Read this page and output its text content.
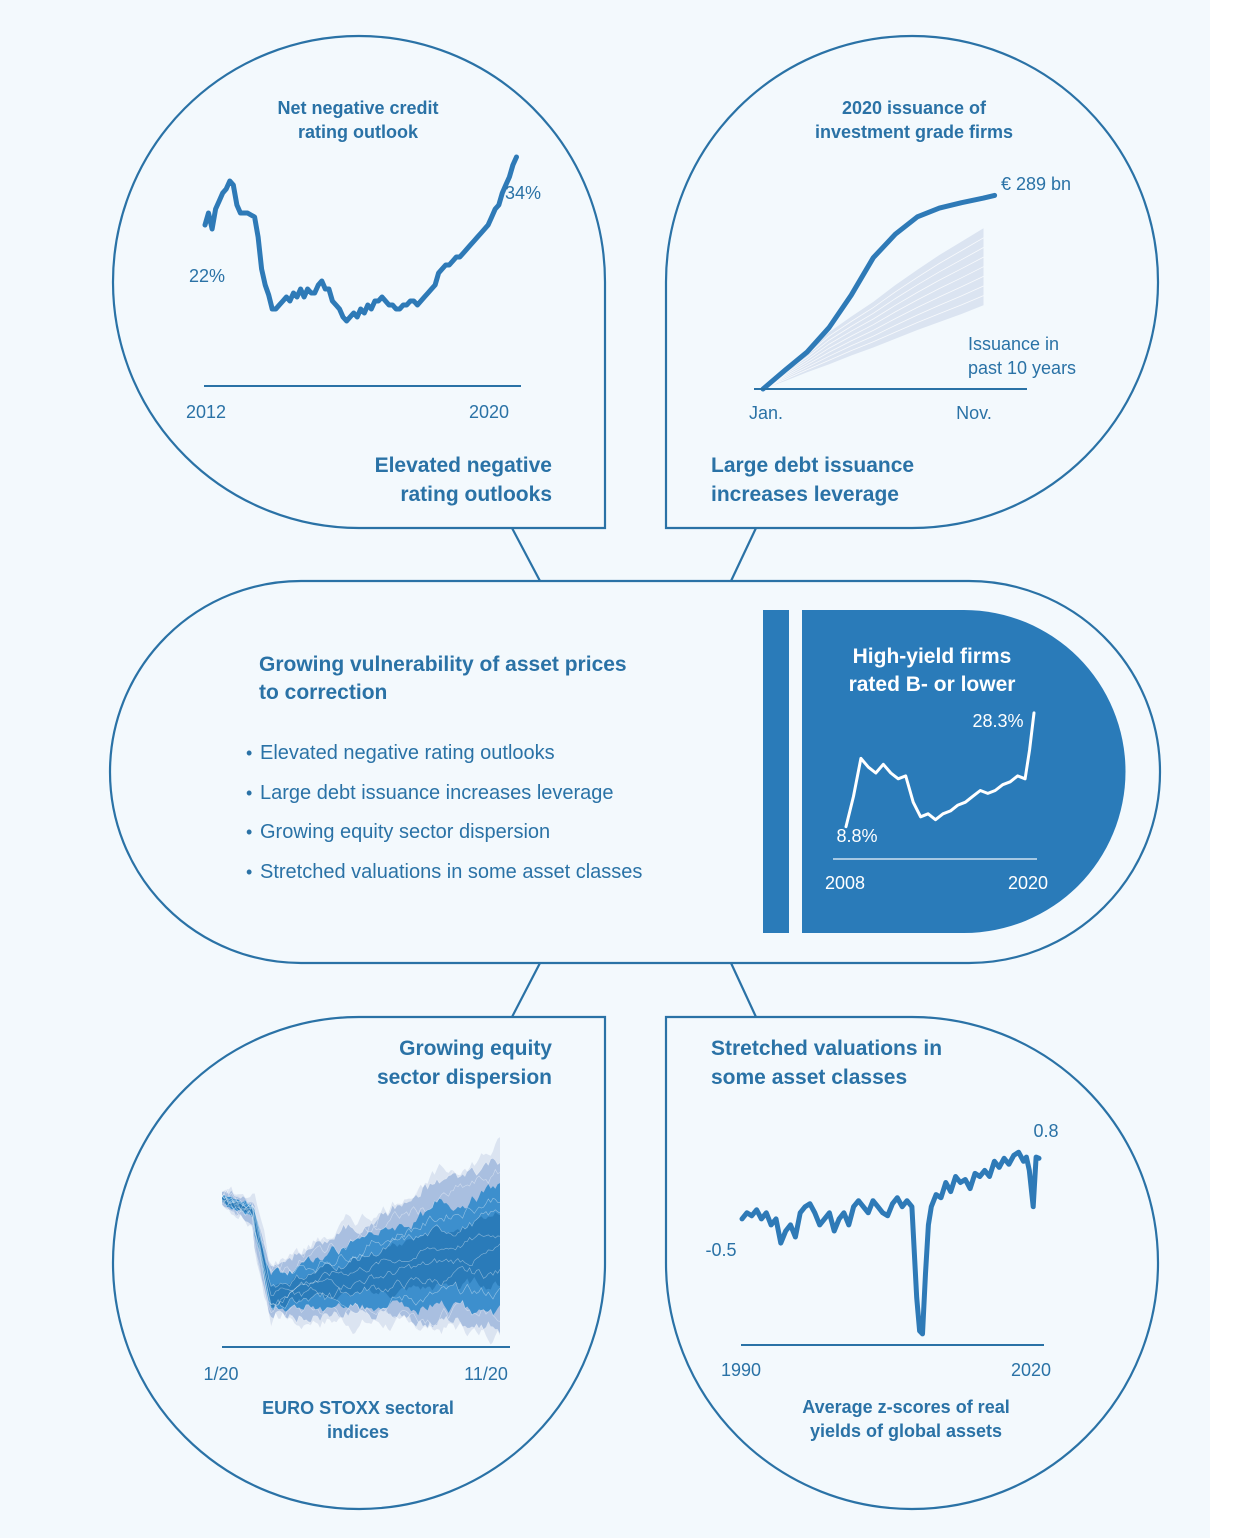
Net negative credit
rating outlook
2012	2020
22%
34%
Elevated negative
rating outlooks
2020 issuance of
investment grade firms
Jan.	Nov.
€ 289 bn
Issuance in
past 10 years
Large debt issuance
increases leverage
Growing vulnerability of asset prices
to correction
• Elevated negative rating outlooks
• Large debt issuance increases leverage
• Growing equity sector dispersion
• Stretched valuations in some asset classes
High-yield firms
rated B- or lower
2008	2020
8.8%
28.3%
Growing equity
sector dispersion
1/20	11/20
EURO STOXX sectoral
indices
Stretched valuations in
some asset classes
1990	2020
-0.5
0.8
Average z-scores of real
yields of global assets
